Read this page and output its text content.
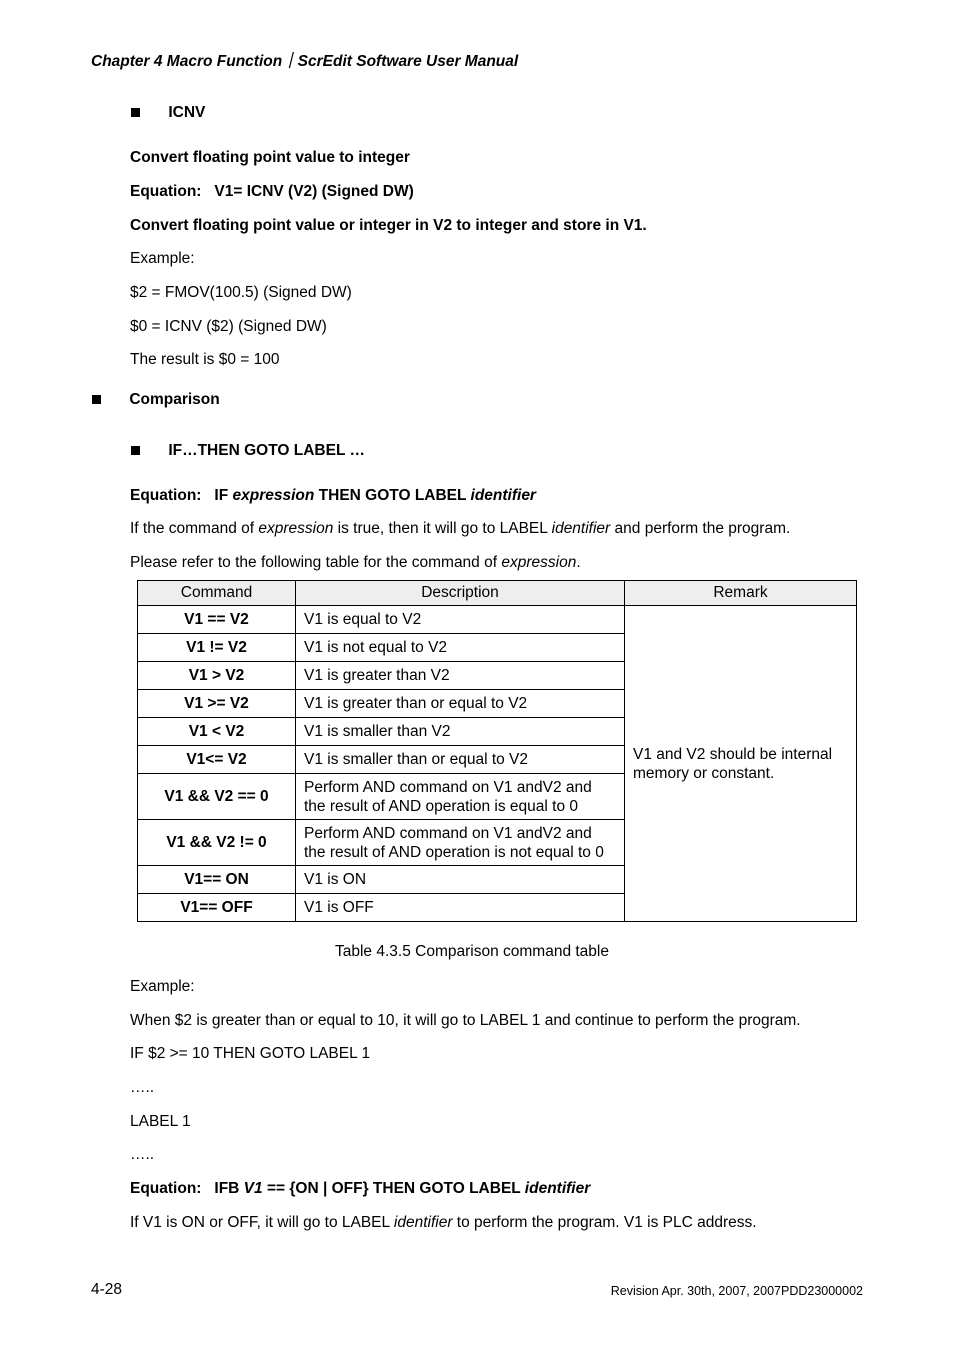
Chapter 4 Macro Function｜ScrEdit Software User Manual
ICNV
Convert floating point value to integer
Equation: V1= ICNV (V2) (Signed DW)
Convert floating point value or integer in V2 to integer and store in V1.
Example:
$2 = FMOV(100.5) (Signed DW)
$0 = ICNV ($2) (Signed DW)
The result is $0 = 100
Comparison
IF…THEN GOTO LABEL …
Equation: IF expression THEN GOTO LABEL identifier
If the command of expression is true, then it will go to LABEL identifier and perform the program.
Please refer to the following table for the command of expression.
Command	Description	Remark
V1 == V2	V1 is equal to V2	V1 and V2 should be internal memory or constant.
V1 != V2	V1 is not equal to V2	
V1 > V2	V1 is greater than V2	
V1 >= V2	V1 is greater than or equal to V2	
V1 < V2	V1 is smaller than V2	
V1<= V2	V1 is smaller than or equal to V2	
V1 && V2 == 0	Perform AND command on V1 andV2 and the result of AND operation is equal to 0	
V1 && V2 != 0	Perform AND command on V1 andV2 and the result of AND operation is not equal to 0	
V1== ON	V1 is ON	
V1== OFF	V1 is OFF	
Table 4.3.5 Comparison command table
Example:
When $2 is greater than or equal to 10, it will go to LABEL 1 and continue to perform the program.
IF $2 >= 10 THEN GOTO LABEL 1
…..
LABEL 1
…..
Equation: IFB V1 == {ON | OFF} THEN GOTO LABEL identifier
If V1 is ON or OFF, it will go to LABEL identifier to perform the program. V1 is PLC address.
4-28	Revision Apr. 30th, 2007, 2007PDD23000002
